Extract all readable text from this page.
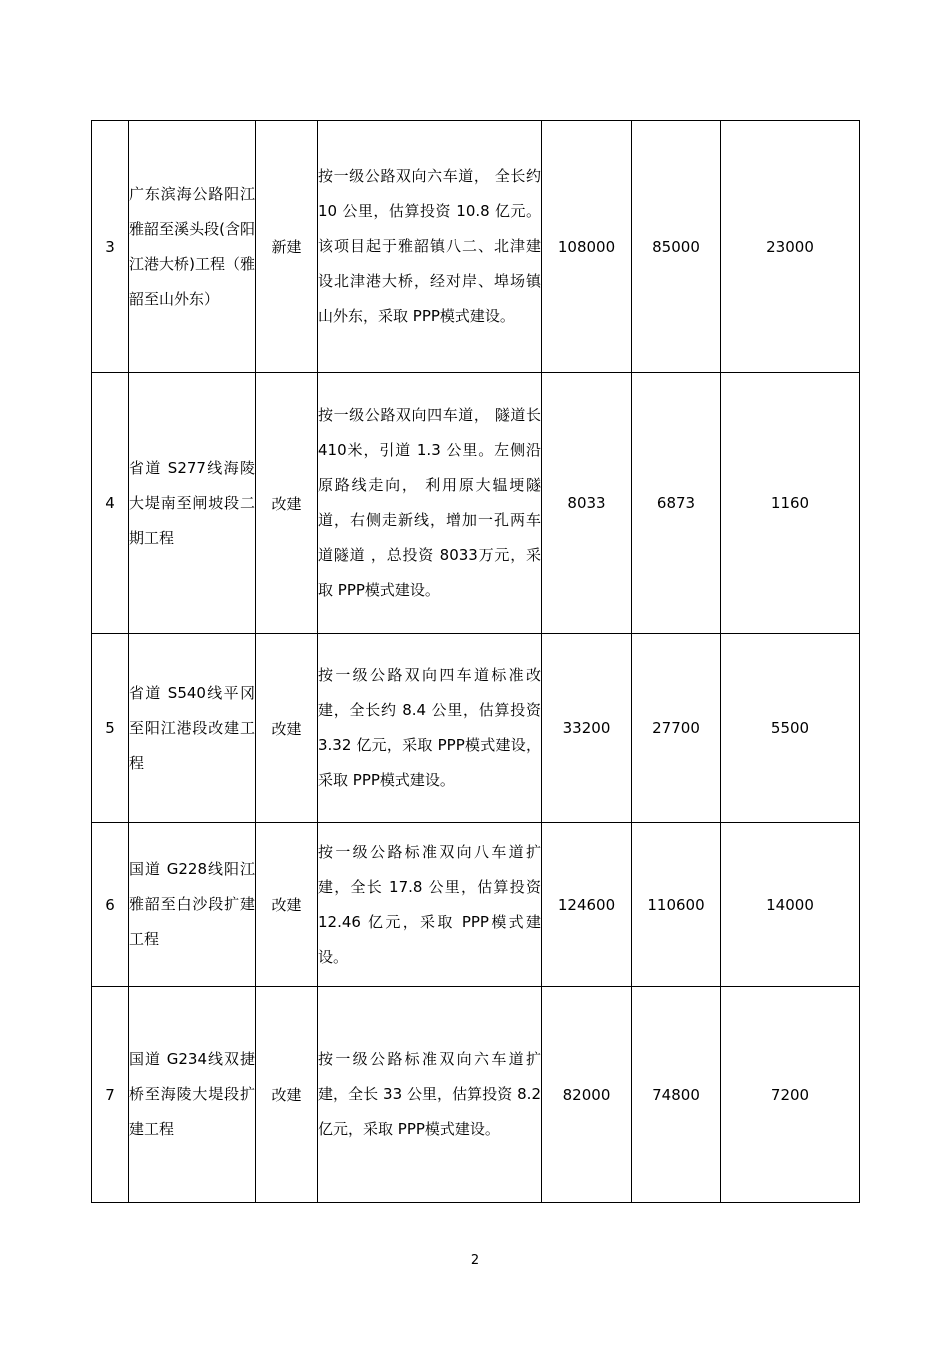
3	广东滨海公路阳江雅韶至溪头段(含阳江港大桥)工程（雅韶至山外东）	新建	按一级公路双向六车道， 全长约 10 公里，估算投资 10.8 亿元。该项目起于雅韶镇八二、北津建设北津港大桥，经对岸、埠场镇山外东，采取 PPP模式建设。	108000	85000	23000
4	省道 S277线海陵大堤南至闸坡段二期工程	改建	按一级公路双向四车道， 隧道长 410米，引道 1.3 公里。左侧沿原路线走向， 利用原大辒埂隧道，右侧走新线，增加一孔两车道隧道 ，总投资 8033万元，采取 PPP模式建设。	8033	6873	1160
5	省道 S540线平冈至阳江港段改建工程	改建	按一级公路双向四车道标准改建，全长约 8.4 公里，估算投资 3.32 亿元，采取 PPP模式建设，采取 PPP模式建设。	33200	27700	5500
6	国道 G228线阳江雅韶至白沙段扩建工程	改建	按一级公路标准双向八车道扩建，全长 17.8 公里，估算投资 12.46 亿元，采取 PPP模式建设。	124600	110600	14000
7	国道 G234线双捷桥至海陵大堤段扩建工程	改建	按一级公路标准双向六车道扩建，全长 33 公里，估算投资 8.2 亿元，采取 PPP模式建设。	82000	74800	7200
2
